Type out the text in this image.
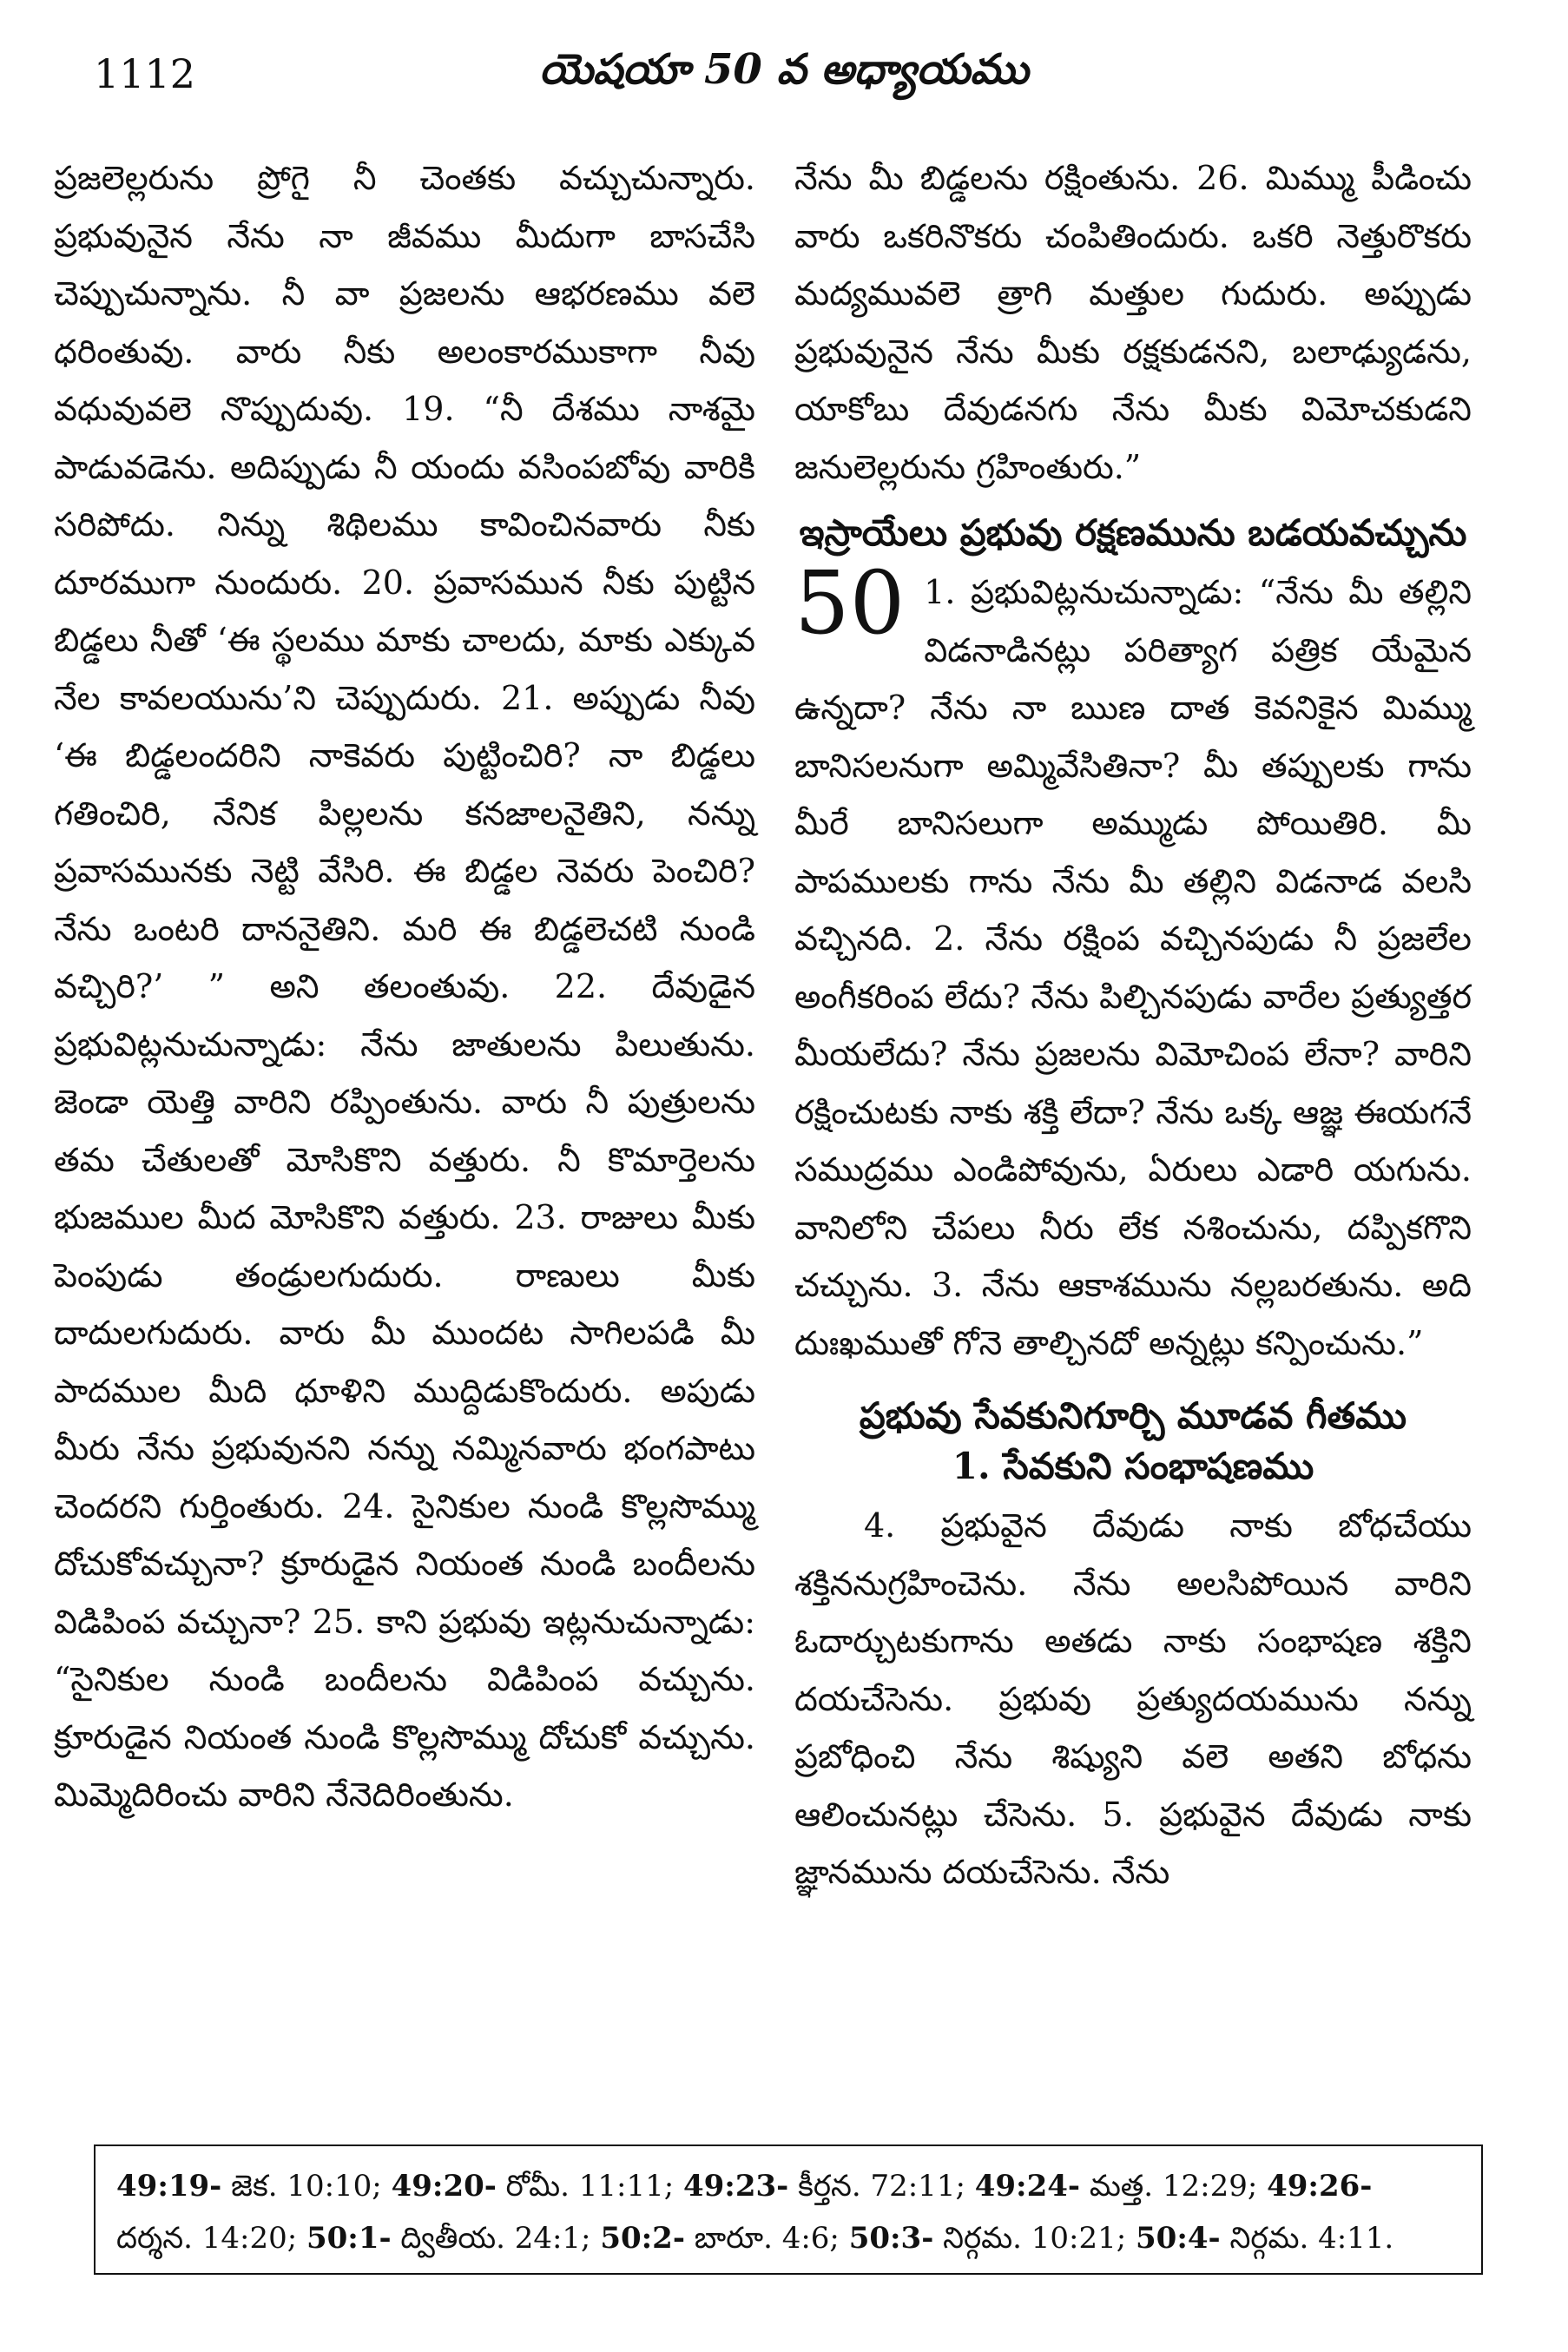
1112	యెషయా 50 వ అధ్యాయము

ప్రజలెల్లరును ప్రోగై నీ చెంతకు వచ్చుచున్నారు. ప్రభువునైన నేను నా జీవము మీదుగా బాసచేసి చెప్పుచున్నాను. నీ వా ప్రజలను ఆభరణము వలె ధరింతువు. వారు నీకు అలంకారముకాగా నీవు వధువువలె నొప్పుదువు. 19. “నీ దేశము నాశమై పాడువడెను. అదిప్పుడు నీ యందు వసింపబోవు వారికి సరిపోదు. నిన్ను శిథిలము కావించినవారు నీకు దూరముగా నుందురు. 20. ప్రవాసమున నీకు పుట్టిన బిడ్డలు నీతో ‘ఈ స్థలము మాకు చాలదు, మాకు ఎక్కువ నేల కావలయును’ని చెప్పుదురు. 21. అప్పుడు నీవు ‘ఈ బిడ్డలందరిని నాకెవరు పుట్టించిరి? నా బిడ్డలు గతించిరి, నేనిక పిల్లలను కనజాలనైతిని, నన్ను ప్రవాసమునకు నెట్టి వేసిరి. ఈ బిడ్డల నెవరు పెంచిరి? నేను ఒంటరి దాననైతిని. మరి ఈ బిడ్డలెచటి నుండి వచ్చిరి?’ ” అని తలంతువు. 22. దేవుడైన ప్రభువిట్లనుచున్నాడు: నేను జాతులను పిలుతును. జెండా యెత్తి వారిని రప్పింతును. వారు నీ పుత్రులను తమ చేతులతో మోసికొని వత్తురు. నీ కొమార్తెలను భుజముల మీద మోసికొని వత్తురు. 23. రాజులు మీకు పెంపుడు తండ్రులగుదురు. రాణులు మీకు దాదులగుదురు. వారు మీ ముందట సాగిలపడి మీ పాదముల మీది ధూళిని ముద్దిడుకొందురు. అపుడు మీరు నేను ప్రభువునని నన్ను నమ్మినవారు భంగపాటు చెందరని గుర్తింతురు. 24. సైనికుల నుండి కొల్లసొమ్ము దోచుకోవచ్చునా? క్రూరుడైన నియంత నుండి బందీలను విడిపింప వచ్చునా? 25. కాని ప్రభువు ఇట్లనుచున్నాడు: “సైనికుల నుండి బందీలను విడిపింప వచ్చును. క్రూరుడైన నియంత నుండి కొల్లసొమ్ము దోచుకో వచ్చును. మిమ్మెదిరించు వారిని నేనెదిరింతును.

నేను మీ బిడ్డలను రక్షింతును. 26. మిమ్ము పీడించు వారు ఒకరినొకరు చంపితిందురు. ఒకరి నెత్తురొకరు మద్యమువలె త్రాగి మత్తుల గుదురు. అప్పుడు ప్రభువునైన నేను మీకు రక్షకుడనని, బలాఢ్యుడను, యాకోబు దేవుడనగు నేను మీకు విమోచకుడని జనులెల్లరును గ్రహింతురు.”

ఇస్రాయేలు ప్రభువు రక్షణమును బడయవచ్చును
50 1. ప్రభువిట్లనుచున్నాడు: “నేను మీ తల్లిని విడనాడినట్లు పరిత్యాగ పత్రిక యేమైన ఉన్నదా? నేను నా ఋణ దాత కెవనికైన మిమ్ము బానిసలనుగా అమ్మివేసితినా? మీ తప్పులకు గాను మీరే బానిసలుగా అమ్ముడు పోయితిరి. మీ పాపములకు గాను నేను మీ తల్లిని విడనాడ వలసి వచ్చినది. 2. నేను రక్షింప వచ్చినపుడు నీ ప్రజలేల అంగీకరింప లేదు? నేను పిల్చినపుడు వారేల ప్రత్యుత్తర మీయలేదు? నేను ప్రజలను విమోచింప లేనా? వారిని రక్షించుటకు నాకు శక్తి లేదా? నేను ఒక్క ఆజ్ఞ ఈయగనే సముద్రము ఎండిపోవును, ఏరులు ఎడారి యగును. వానిలోని చేపలు నీరు లేక నశించును, దప్పికగొని చచ్చును. 3. నేను ఆకాశమును నల్లబరతును. అది దుఃఖముతో గోనె తాల్చినదో అన్నట్లు కన్పించును.”
ప్రభువు సేవకునిగూర్చి మూడవ గీతము
1. సేవకుని సంభాషణము

4. ప్రభువైన దేవుడు నాకు బోధచేయు శక్తిననుగ్రహించెను. నేను అలసిపోయిన వారిని ఓదార్చుటకుగాను అతడు నాకు సంభాషణ శక్తిని దయచేసెను. ప్రభువు ప్రత్యుదయమును నన్ను ప్రబోధించి నేను శిష్యుని వలె అతని బోధను ఆలించునట్లు చేసెను. 5. ప్రభువైన దేవుడు నాకు జ్ఞానమును దయచేసెను. నేను

49:19- జెక. 10:10; 49:20- రోమీ. 11:11; 49:23- కీర్తన. 72:11; 49:24- మత్త. 12:29; 49:26-
దర్శన. 14:20; 50:1- ద్వితీయ. 24:1; 50:2- బారూ. 4:6; 50:3- నిర్గమ. 10:21; 50:4- నిర్గమ. 4:11.
